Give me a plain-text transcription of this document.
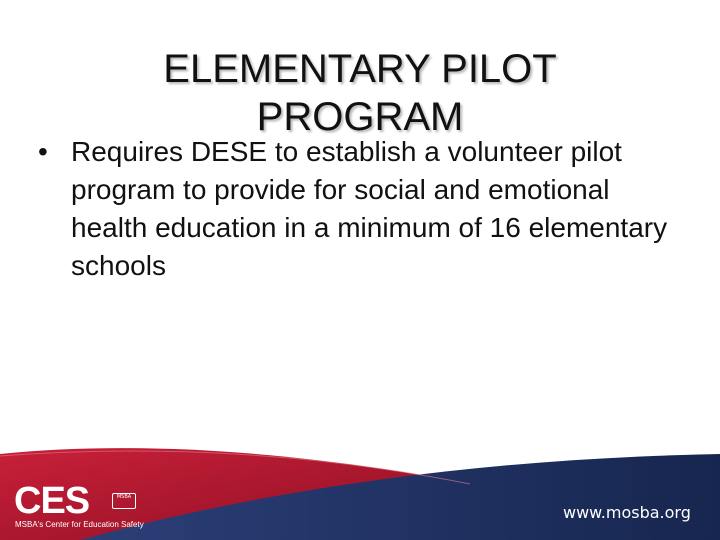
ELEMENTARY PILOT
PROGRAM
• Requires DESE to establish a volunteer pilot program to provide for social and emotional health education in a minimum of 16 elementary schools
CES	MSBA
MSBA's Center for Education Safety
www.mosba.org
